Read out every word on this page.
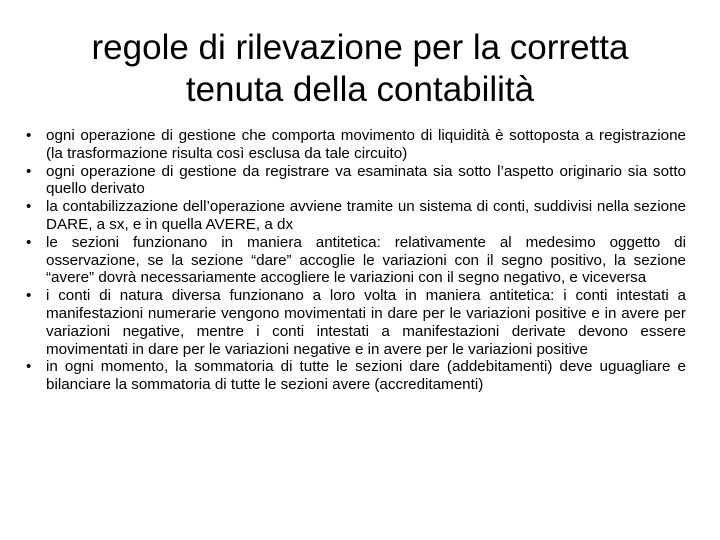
regole di rilevazione per la corretta tenuta della contabilità
• ogni operazione di gestione che comporta movimento di liquidità è sottoposta a registrazione (la trasformazione risulta così esclusa da tale circuito)
• ogni operazione di gestione da registrare va esaminata sia sotto l’aspetto originario sia sotto quello derivato
• la contabilizzazione dell’operazione avviene tramite un sistema di conti, suddivisi nella sezione DARE, a sx, e in quella AVERE, a dx
• le sezioni funzionano in maniera antitetica: relativamente al medesimo oggetto di osservazione, se la sezione “dare” accoglie le variazioni con il segno positivo, la sezione “avere” dovrà necessariamente accogliere le variazioni con il segno negativo, e viceversa
• i conti di natura diversa funzionano a loro volta in maniera antitetica: i conti intestati a manifestazioni numerarie vengono movimentati in dare per le variazioni positive e in avere per variazioni negative, mentre i conti intestati a manifestazioni derivate devono essere movimentati in dare per le variazioni negative e in avere per le variazioni positive
• in ogni momento, la sommatoria di tutte le sezioni dare (addebitamenti) deve uguagliare e bilanciare la sommatoria di tutte le sezioni avere (accreditamenti)
